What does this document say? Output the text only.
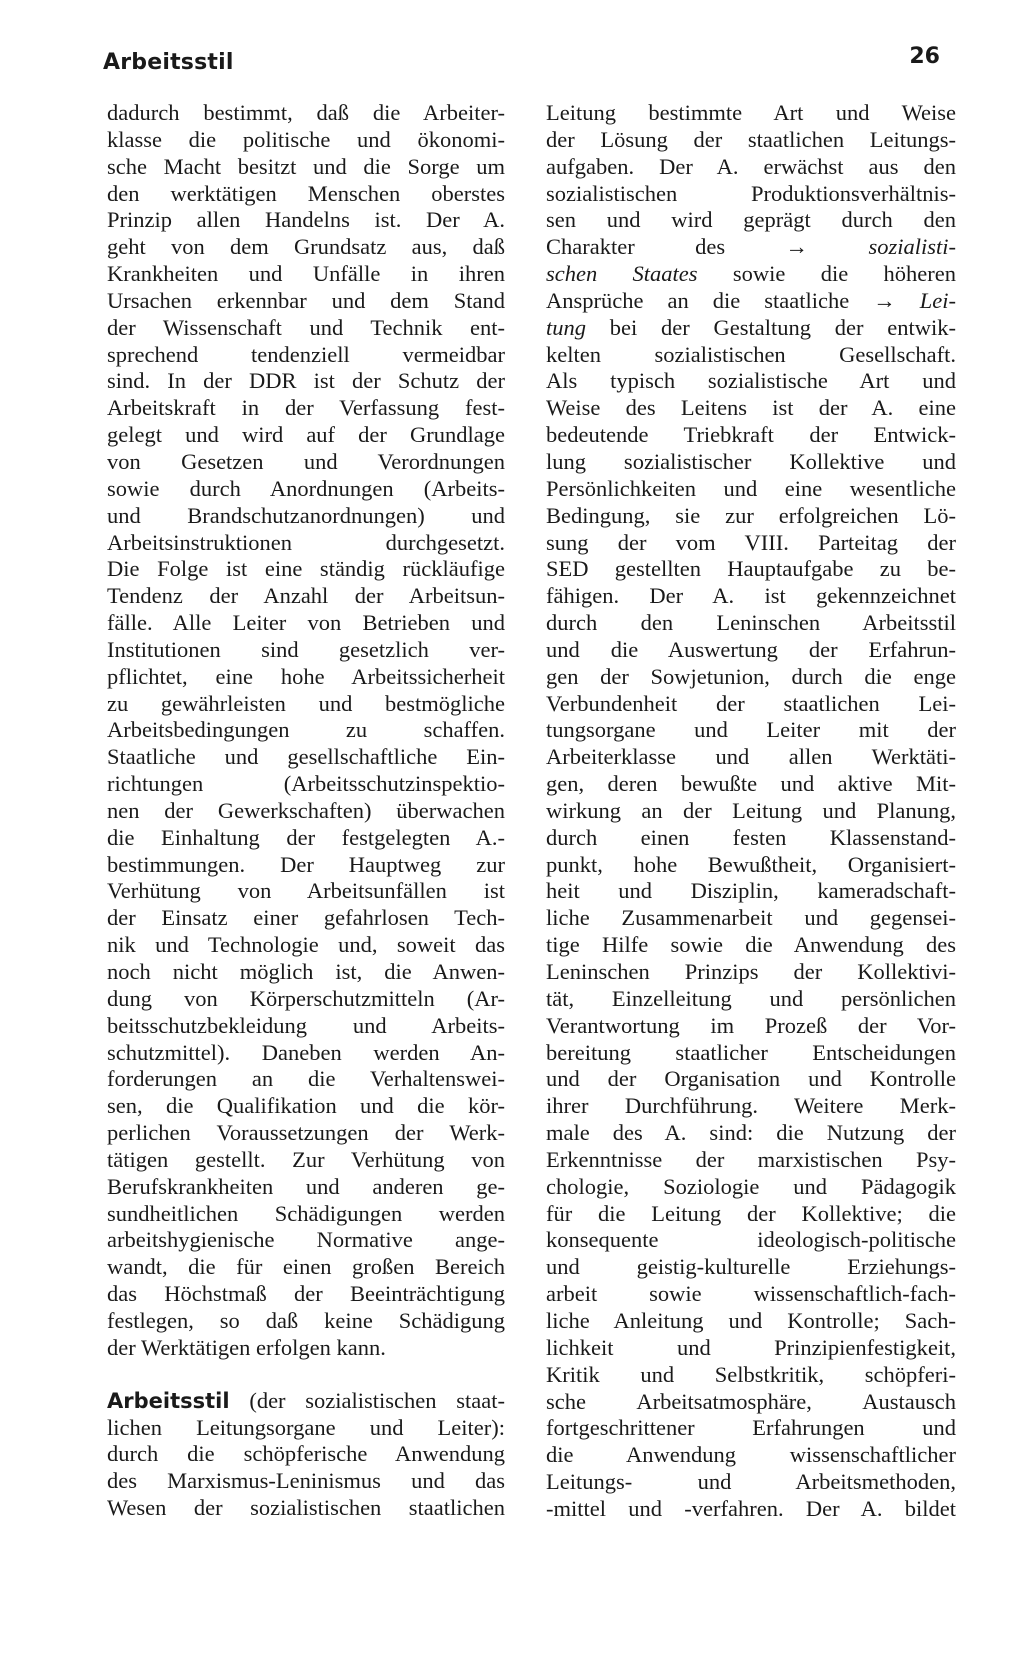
Arbeitsstil	26
dadurch bestimmt, daß die Arbeiter-
klasse die politische und ökonomi-
sche Macht besitzt und die Sorge um
den werktätigen Menschen oberstes
Prinzip allen Handelns ist. Der A.
geht von dem Grundsatz aus, daß
Krankheiten und Unfälle in ihren
Ursachen erkennbar und dem Stand
der Wissenschaft und Technik ent-
sprechend tendenziell vermeidbar
sind. In der DDR ist der Schutz der
Arbeitskraft in der Verfassung fest-
gelegt und wird auf der Grundlage
von Gesetzen und Verordnungen
sowie durch Anordnungen (Arbeits-
und Brandschutzanordnungen) und
Arbeitsinstruktionen durchgesetzt.
Die Folge ist eine ständig rückläufige
Tendenz der Anzahl der Arbeitsun-
fälle. Alle Leiter von Betrieben und
Institutionen sind gesetzlich ver-
pflichtet, eine hohe Arbeitssicherheit
zu gewährleisten und bestmögliche
Arbeitsbedingungen zu schaffen.
Staatliche und gesellschaftliche Ein-
richtungen (Arbeitsschutzinspektio-
nen der Gewerkschaften) überwachen
die Einhaltung der festgelegten A.-
bestimmungen. Der Hauptweg zur
Verhütung von Arbeitsunfällen ist
der Einsatz einer gefahrlosen Tech-
nik und Technologie und, soweit das
noch nicht möglich ist, die Anwen-
dung von Körperschutzmitteln (Ar-
beitsschutzbekleidung und Arbeits-
schutzmittel). Daneben werden An-
forderungen an die Verhaltenswei-
sen, die Qualifikation und die kör-
perlichen Voraussetzungen der Werk-
tätigen gestellt. Zur Verhütung von
Berufskrankheiten und anderen ge-
sundheitlichen Schädigungen werden
arbeitshygienische Normative ange-
wandt, die für einen großen Bereich
das Höchstmaß der Beeinträchtigung
festlegen, so daß keine Schädigung
der Werktätigen erfolgen kann.
Arbeitsstil (der sozialistischen staat-
lichen Leitungsorgane und Leiter):
durch die schöpferische Anwendung
des Marxismus-Leninismus und das
Wesen der sozialistischen staatlichen
Leitung bestimmte Art und Weise
der Lösung der staatlichen Leitungs-
aufgaben. Der A. erwächst aus den
sozialistischen Produktionsverhältnis-
sen und wird geprägt durch den
Charakter des	→	sozialisti-
schen Staates sowie die höheren
Ansprüche an die staatliche → Lei-
tung bei der Gestaltung der entwik-
kelten sozialistischen Gesellschaft.
Als typisch sozialistische Art und
Weise des Leitens ist der A. eine
bedeutende Triebkraft der Entwick-
lung sozialistischer Kollektive und
Persönlichkeiten und eine wesentliche
Bedingung, sie zur erfolgreichen Lö-
sung der vom VIII. Parteitag der
SED gestellten Hauptaufgabe zu be-
fähigen. Der A. ist gekennzeichnet
durch den Leninschen Arbeitsstil
und die Auswertung der Erfahrun-
gen der Sowjetunion, durch die enge
Verbundenheit der staatlichen Lei-
tungsorgane und Leiter mit der
Arbeiterklasse und allen Werktäti-
gen, deren bewußte und aktive Mit-
wirkung an der Leitung und Planung,
durch einen festen Klassenstand-
punkt, hohe Bewußtheit, Organisiert-
heit und Disziplin, kameradschaft-
liche Zusammenarbeit und gegensei-
tige Hilfe sowie die Anwendung des
Leninschen Prinzips der Kollektivi-
tät, Einzelleitung und persönlichen
Verantwortung im Prozeß der Vor-
bereitung staatlicher Entscheidungen
und der Organisation und Kontrolle
ihrer Durchführung. Weitere Merk-
male des A. sind: die Nutzung der
Erkenntnisse der marxistischen Psy-
chologie, Soziologie und Pädagogik
für die Leitung der Kollektive; die
konsequente ideologisch-politische
und geistig-kulturelle Erziehungs-
arbeit sowie wissenschaftlich-fach-
liche Anleitung und Kontrolle; Sach-
lichkeit und Prinzipienfestigkeit,
Kritik und Selbstkritik, schöpferi-
sche Arbeitsatmosphäre, Austausch
fortgeschrittener Erfahrungen und
die Anwendung wissenschaftlicher
Leitungs- und Arbeitsmethoden,
-mittel und -verfahren. Der A. bildet
